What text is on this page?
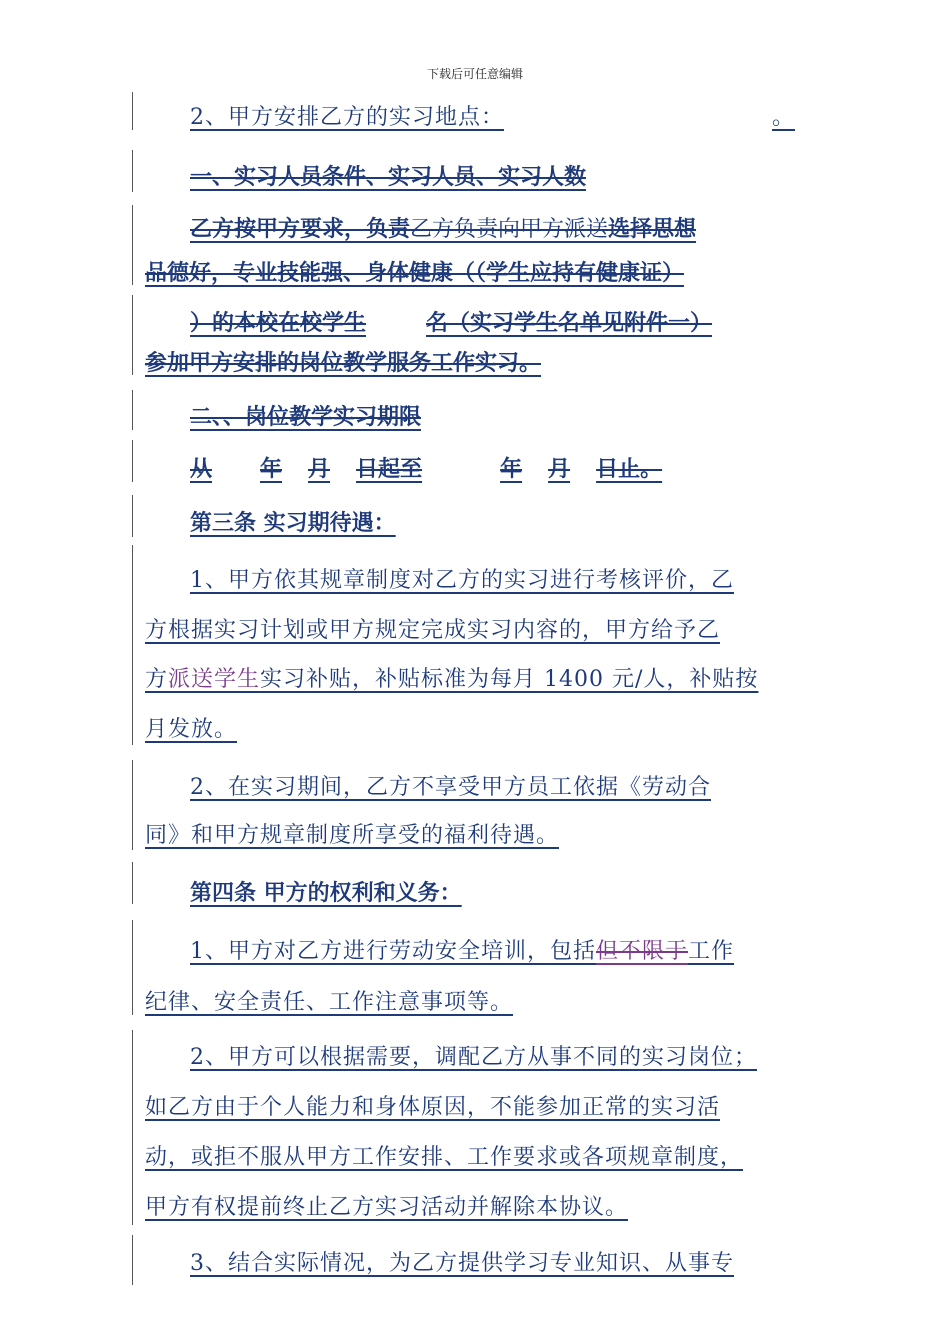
下载后可任意编辑
2、甲方安排乙方的实习地点：	。
一、实习人员条件、实习人员、实习人数
乙方按甲方要求，负责乙方负责向甲方派送选择思想
品德好，专业技能强、身体健康（（学生应持有健康证）
）的本校在校学生	名（实习学生名单见附件一）
参加甲方安排的岗位教学服务工作实习。
二、、岗位教学实习期限
从 年 月 日起至	年 月 日止。
第三条 实习期待遇：
1、甲方依其规章制度对乙方的实习进行考核评价，乙
方根据实习计划或甲方规定完成实习内容的，甲方给予乙
方派送学生实习补贴，补贴标准为每月 1400 元/人，补贴按
月发放。
2、在实习期间，乙方不享受甲方员工依据《劳动合
同》和甲方规章制度所享受的福利待遇。
第四条 甲方的权利和义务：
1、甲方对乙方进行劳动安全培训，包括但不限于工作
纪律、安全责任、工作注意事项等。
2、甲方可以根据需要，调配乙方从事不同的实习岗位；
如乙方由于个人能力和身体原因，不能参加正常的实习活
动，或拒不服从甲方工作安排、工作要求或各项规章制度，
甲方有权提前终止乙方实习活动并解除本协议。
3、结合实际情况，为乙方提供学习专业知识、从事专
